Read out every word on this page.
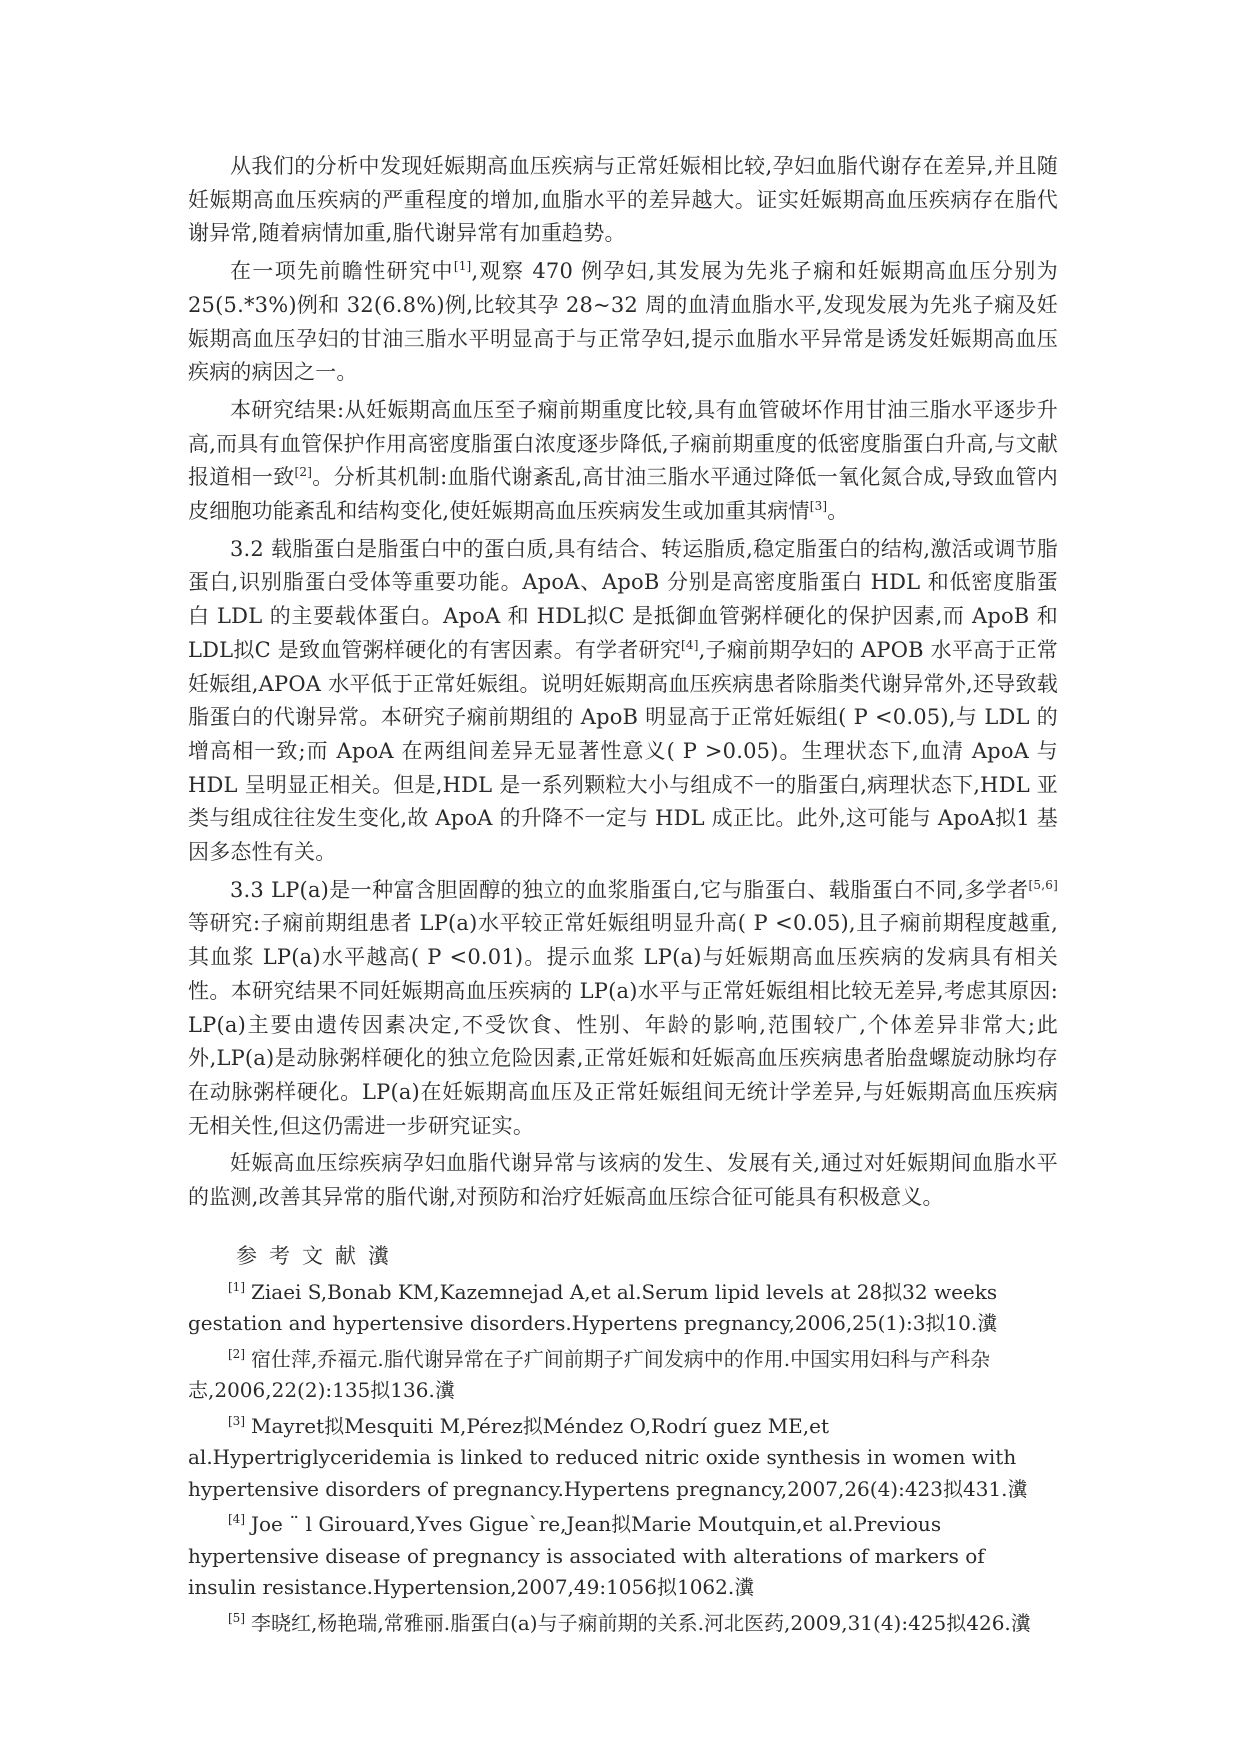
从我们的分析中发现妊娠期高血压疾病与正常妊娠相比较,孕妇血脂代谢存在差异,并且随妊娠期高血压疾病的严重程度的增加,血脂水平的差异越大。证实妊娠期高血压疾病存在脂代谢异常,随着病情加重,脂代谢异常有加重趋势。

在一项先前瞻性研究中[1],观察 470 例孕妇,其发展为先兆子痫和妊娠期高血压分别为 25(5.*3%)例和 32(6.8%)例,比较其孕 28~32 周的血清血脂水平,发现发展为先兆子痫及妊娠期高血压孕妇的甘油三脂水平明显高于与正常孕妇,提示血脂水平异常是诱发妊娠期高血压疾病的病因之一。

本研究结果:从妊娠期高血压至子痫前期重度比较,具有血管破坏作用甘油三脂水平逐步升高,而具有血管保护作用高密度脂蛋白浓度逐步降低,子痫前期重度的低密度脂蛋白升高,与文献报道相一致[2]。分析其机制:血脂代谢紊乱,高甘油三脂水平通过降低一氧化氮合成,导致血管内皮细胞功能紊乱和结构变化,使妊娠期高血压疾病发生或加重其病情[3]。

3.2 载脂蛋白是脂蛋白中的蛋白质,具有结合、转运脂质,稳定脂蛋白的结构,激活或调节脂蛋白,识别脂蛋白受体等重要功能。ApoA、ApoB 分别是高密度脂蛋白 HDL 和低密度脂蛋白 LDL 的主要载体蛋白。ApoA 和 HDL拟C 是抵御血管粥样硬化的保护因素,而 ApoB 和 LDL拟C 是致血管粥样硬化的有害因素。有学者研究[4],子痫前期孕妇的 APOB 水平高于正常妊娠组,APOA 水平低于正常妊娠组。说明妊娠期高血压疾病患者除脂类代谢异常外,还导致载脂蛋白的代谢异常。本研究子痫前期组的 ApoB 明显高于正常妊娠组( P <0.05),与 LDL 的增高相一致;而 ApoA 在两组间差异无显著性意义( P >0.05)。生理状态下,血清 ApoA 与 HDL 呈明显正相关。但是,HDL 是一系列颗粒大小与组成不一的脂蛋白,病理状态下,HDL 亚类与组成往往发生变化,故 ApoA 的升降不一定与 HDL 成正比。此外,这可能与 ApoA拟1 基因多态性有关。

3.3 LP(a)是一种富含胆固醇的独立的血浆脂蛋白,它与脂蛋白、载脂蛋白不同,多学者[5,6]等研究:子痫前期组患者 LP(a)水平较正常妊娠组明显升高( P <0.05),且子痫前期程度越重,其血浆 LP(a)水平越高( P <0.01)。提示血浆 LP(a)与妊娠期高血压疾病的发病具有相关性。本研究结果不同妊娠期高血压疾病的 LP(a)水平与正常妊娠组相比较无差异,考虑其原因: LP(a)主要由遗传因素决定,不受饮食、性别、年龄的影响,范围较广,个体差异非常大;此外,LP(a)是动脉粥样硬化的独立危险因素,正常妊娠和妊娠高血压疾病患者胎盘螺旋动脉均存在动脉粥样硬化。LP(a)在妊娠期高血压及正常妊娠组间无统计学差异,与妊娠期高血压疾病无相关性,但这仍需进一步研究证实。

妊娠高血压综疾病孕妇血脂代谢异常与该病的发生、发展有关,通过对妊娠期间血脂水平的监测,改善其异常的脂代谢,对预防和治疗妊娠高血压综合征可能具有积极意义。

参考文献瀵

[1] Ziaei S,Bonab KM,Kazemnejad A,et al.Serum lipid levels at 28拟32 weeks gestation and hypertensive disorders.Hypertens pregnancy,2006,25(1):3拟10.瀵

[2] 宿仕萍,乔福元.脂代谢异常在子疒间前期子疒间发病中的作用.中国实用妇科与产科杂志,2006,22(2):135拟136.瀵

[3] Mayret拟Mesquiti M,Pérez拟Méndez O,Rodrí guez ME,et al.Hypertriglyceridemia is linked to reduced nitric oxide synthesis in women with hypertensive disorders of pregnancy.Hypertens pregnancy,2007,26(4):423拟431.瀵

[4] Joe ¨ l Girouard,Yves Gigue`re,Jean拟Marie Moutquin,et al.Previous hypertensive disease of pregnancy is associated with alterations of markers of insulin resistance.Hypertension,2007,49:1056拟1062.瀵

[5] 李晓红,杨艳瑞,常雅丽.脂蛋白(a)与子痫前期的关系.河北医药,2009,31(4):425拟426.瀵
